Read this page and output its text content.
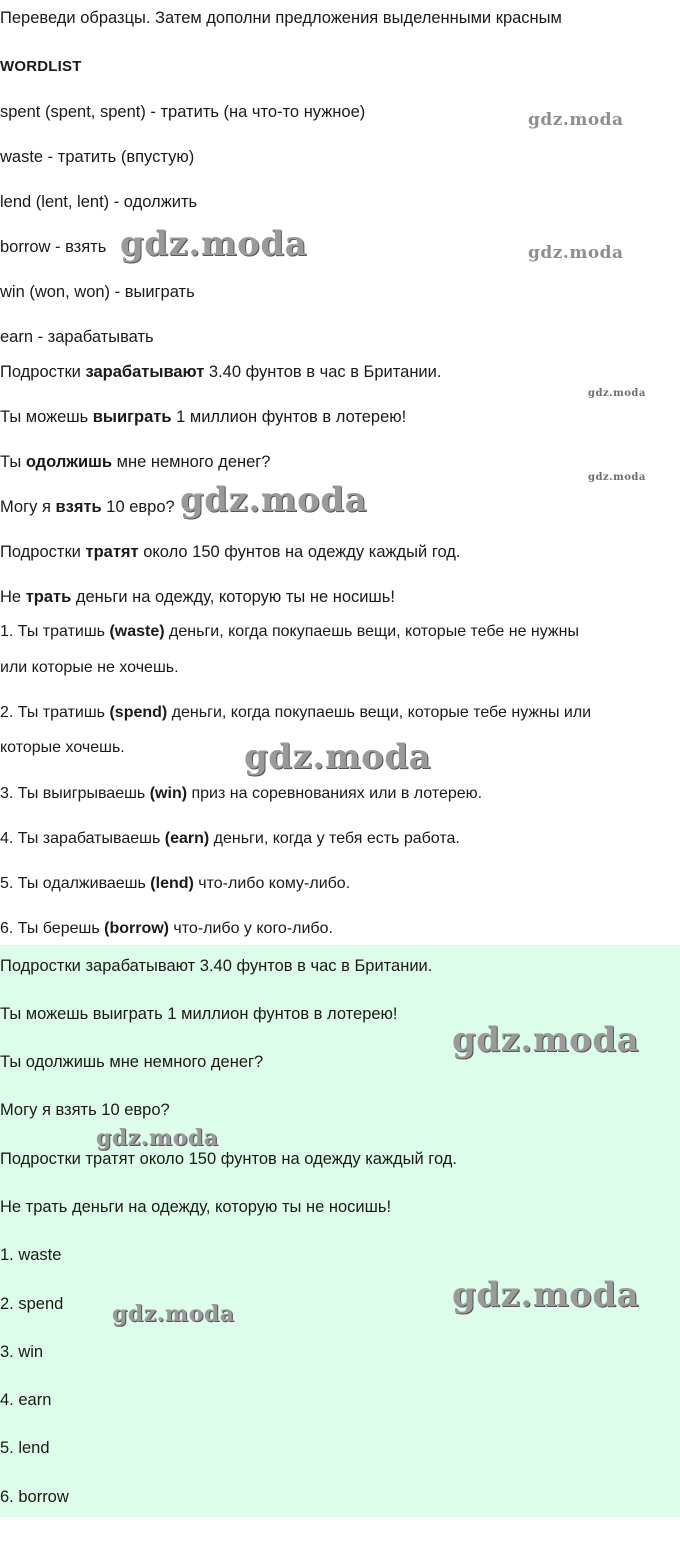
Переведи образцы. Затем дополни предложения выделенными красным
WORDLIST
spent (spent, spent) - тратить (на что-то нужное)
waste - тратить (впустую)
lend (lent, lent) - одолжить
borrow - взять
win (won, won) - выиграть
earn - зарабатывать
Подростки зарабатывают 3.40 фунтов в час в Британии.
Ты можешь выиграть 1 миллион фунтов в лотерею!
Ты одолжишь мне немного денег?
Могу я взять 10 евро?
Подростки тратят около 150 фунтов на одежду каждый год.
Не трать деньги на одежду, которую ты не носишь!
1. Ты тратишь (waste) деньги, когда покупаешь вещи, которые тебе не нужны
или которые не хочешь.
2. Ты тратишь (spend) деньги, когда покупаешь вещи, которые тебе нужны или
которые хочешь.
3. Ты выигрываешь (win) приз на соревнованиях или в лотерею.
4. Ты зарабатываешь (earn) деньги, когда у тебя есть работа.
5. Ты одалживаешь (lend) что-либо кому-либо.
6. Ты берешь (borrow) что-либо у кого-либо.
Подростки зарабатывают 3.40 фунтов в час в Британии.
Ты можешь выиграть 1 миллион фунтов в лотерею!
Ты одолжишь мне немного денег?
Могу я взять 10 евро?
Подростки тратят около 150 фунтов на одежду каждый год.
Не трать деньги на одежду, которую ты не носишь!
1. waste
2. spend
3. win
4. earn
5. lend
6. borrow
gdz.moda
gdz.moda	gdz.moda
gdz.moda
gdz.moda
gdz.moda
gdz.moda
gdz.moda
gdz.moda
gdz.moda
gdz.moda
